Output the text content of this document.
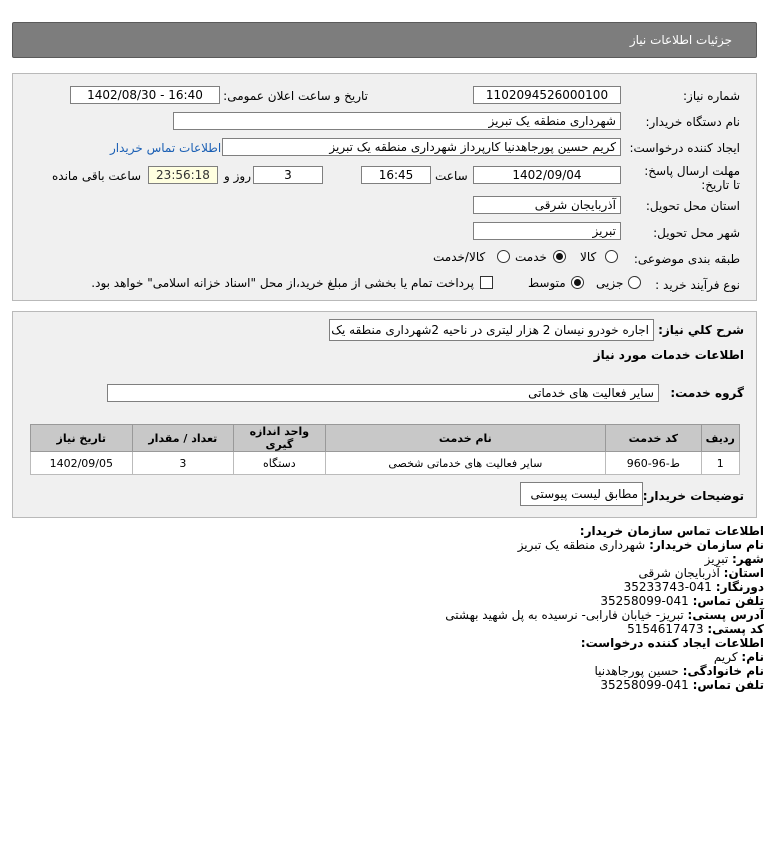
جزئیات اطلاعات نیاز
شماره نیاز:
1102094526000100
تاریخ و ساعت اعلان عمومی:
1402/08/30 - 16:40
نام دستگاه خریدار:
شهرداری منطقه یک تبریز
ایجاد کننده درخواست:
کریم حسین پورجاهدنیا کارپرداز شهرداری منطقه یک تبریز
اطلاعات تماس خریدار
مهلت ارسال پاسخ: تا تاریخ:
1402/09/04
ساعت
16:45
3
روز و
23:56:18
ساعت باقی مانده
استان محل تحویل:
آذربایجان شرقی
شهر محل تحویل:
تبریز
طبقه بندی موضوعی:
کالا
خدمت
کالا/خدمت
نوع فرآیند خرید :
جزیی
متوسط
پرداخت تمام یا بخشی از مبلغ خرید،از محل "اسناد خزانه اسلامی" خواهد بود.
شرح کلي نياز:
اجاره خودرو نیسان 2 هزار لیتری در ناحیه 2شهرداری منطقه یک
اطلاعات خدمات مورد نیاز
گروه خدمت:
سایر فعالیت های خدماتی
ردیف	کد خدمت	نام خدمت	واحد اندازه گیری	تعداد / مقدار	تاریخ نیاز
1	ط-96-960	سایر فعالیت های خدماتی شخصی	دستگاه	3	1402/09/05
توضیحات خریدار:
مطابق لیست پیوستی
اطلاعات تماس سازمان خریدار:
نام سازمان خریدار: شهرداری منطقه یک تبریز
شهر: تبریز
استان: آذربایجان شرقی
دورنگار: 041-35233743
تلفن تماس: 041-35258099
آدرس پستی: تبریز- خیابان فارابی- نرسیده به پل شهید بهشتی
کد پستی: 5154617473
اطلاعات ایجاد کننده درخواست:
نام: کریم
نام خانوادگی: حسین پورجاهدنیا
تلفن تماس: 041-35258099
